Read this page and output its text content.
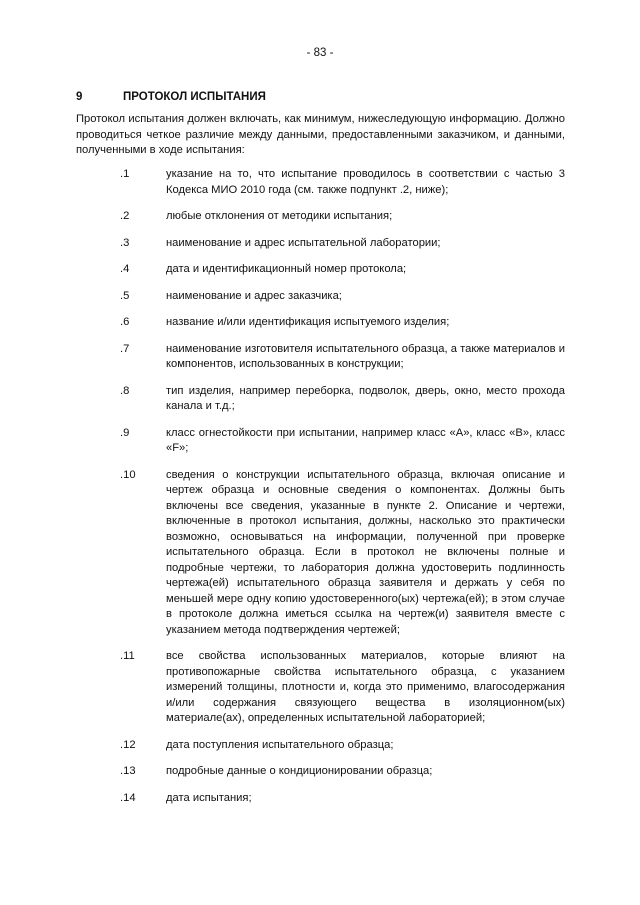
- 83 -
9	ПРОТОКОЛ ИСПЫТАНИЯ

Протокол испытания должен включать, как минимум, нижеследующую информацию. Должно проводиться четкое различие между данными, предоставленными заказчиком, и данными, полученными в ходе испытания:

.1	указание на то, что испытание проводилось в соответствии с частью 3 Кодекса МИО 2010 года (см. также подпункт .2, ниже);
.2	любые отклонения от методики испытания;
.3	наименование и адрес испытательной лаборатории;
.4	дата и идентификационный номер протокола;
.5	наименование и адрес заказчика;
.6	название и/или идентификация испытуемого изделия;
.7	наименование изготовителя испытательного образца, а также материалов и компонентов, использованных в конструкции;
.8	тип изделия, например переборка, подволок, дверь, окно, место прохода канала и т.д.;
.9	класс огнестойкости при испытании, например класс «A», класс «B», класс «F»;
.10	сведения о конструкции испытательного образца, включая описание и чертеж образца и основные сведения о компонентах. Должны быть включены все сведения, указанные в пункте 2. Описание и чертежи, включенные в протокол испытания, должны, насколько это практически возможно, основываться на информации, полученной при проверке испытательного образца. Если в протокол не включены полные и подробные чертежи, то лаборатория должна удостоверить подлинность чертежа(ей) испытательного образца заявителя и держать у себя по меньшей мере одну копию удостоверенного(ых) чертежа(ей); в этом случае в протоколе должна иметься ссылка на чертеж(и) заявителя вместе с указанием метода подтверждения чертежей;
.11	все свойства использованных материалов, которые влияют на противопожарные свойства испытательного образца, с указанием измерений толщины, плотности и, когда это применимо, влагосодержания и/или содержания связующего вещества в изоляционном(ых) материале(ах), определенных испытательной лабораторией;
.12	дата поступления испытательного образца;
.13	подробные данные о кондиционировании образца;
.14	дата испытания;
